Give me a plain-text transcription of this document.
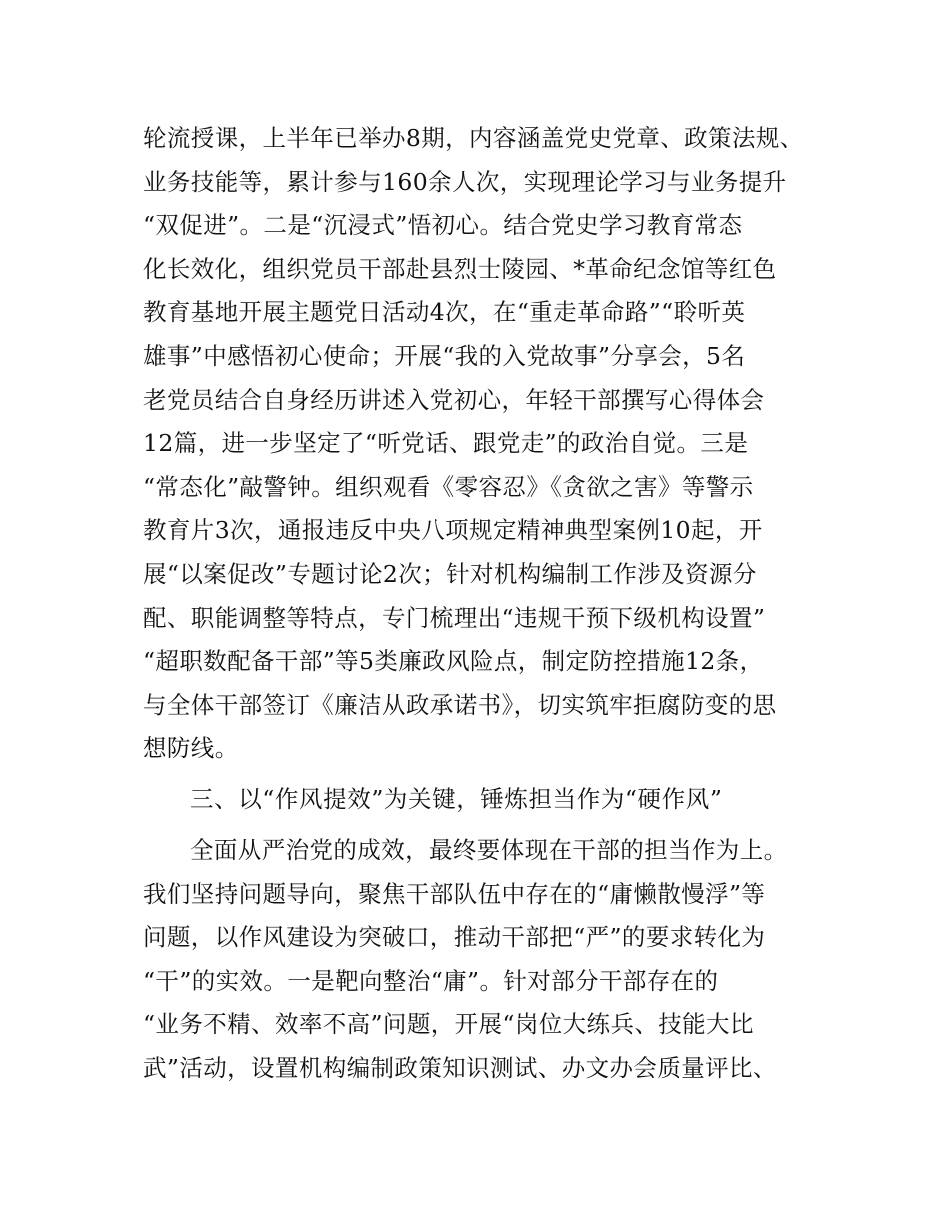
轮流授课，上半年已举办8期，内容涵盖党史党章、政策法规、
业务技能等，累计参与160余人次，实现理论学习与业务提升
“双促进”。二是“沉浸式”悟初心。结合党史学习教育常态
化长效化，组织党员干部赴县烈士陵园、*革命纪念馆等红色
教育基地开展主题党日活动4次，在“重走革命路”“聆听英
雄事”中感悟初心使命；开展“我的入党故事”分享会，5名
老党员结合自身经历讲述入党初心，年轻干部撰写心得体会
12篇，进一步坚定了“听党话、跟党走”的政治自觉。三是
“常态化”敲警钟。组织观看《零容忍》《贪欲之害》等警示
教育片3次，通报违反中央八项规定精神典型案例10起，开
展“以案促改”专题讨论2次；针对机构编制工作涉及资源分
配、职能调整等特点，专门梳理出“违规干预下级机构设置”
“超职数配备干部”等5类廉政风险点，制定防控措施12条，
与全体干部签订《廉洁从政承诺书》，切实筑牢拒腐防变的思
想防线。
三、以“作风提效”为关键，锤炼担当作为“硬作风”
全面从严治党的成效，最终要体现在干部的担当作为上。
我们坚持问题导向，聚焦干部队伍中存在的“庸懒散慢浮”等
问题，以作风建设为突破口，推动干部把“严”的要求转化为
“干”的实效。一是靶向整治“庸”。针对部分干部存在的
“业务不精、效率不高”问题，开展“岗位大练兵、技能大比
武”活动，设置机构编制政策知识测试、办文办会质量评比、
